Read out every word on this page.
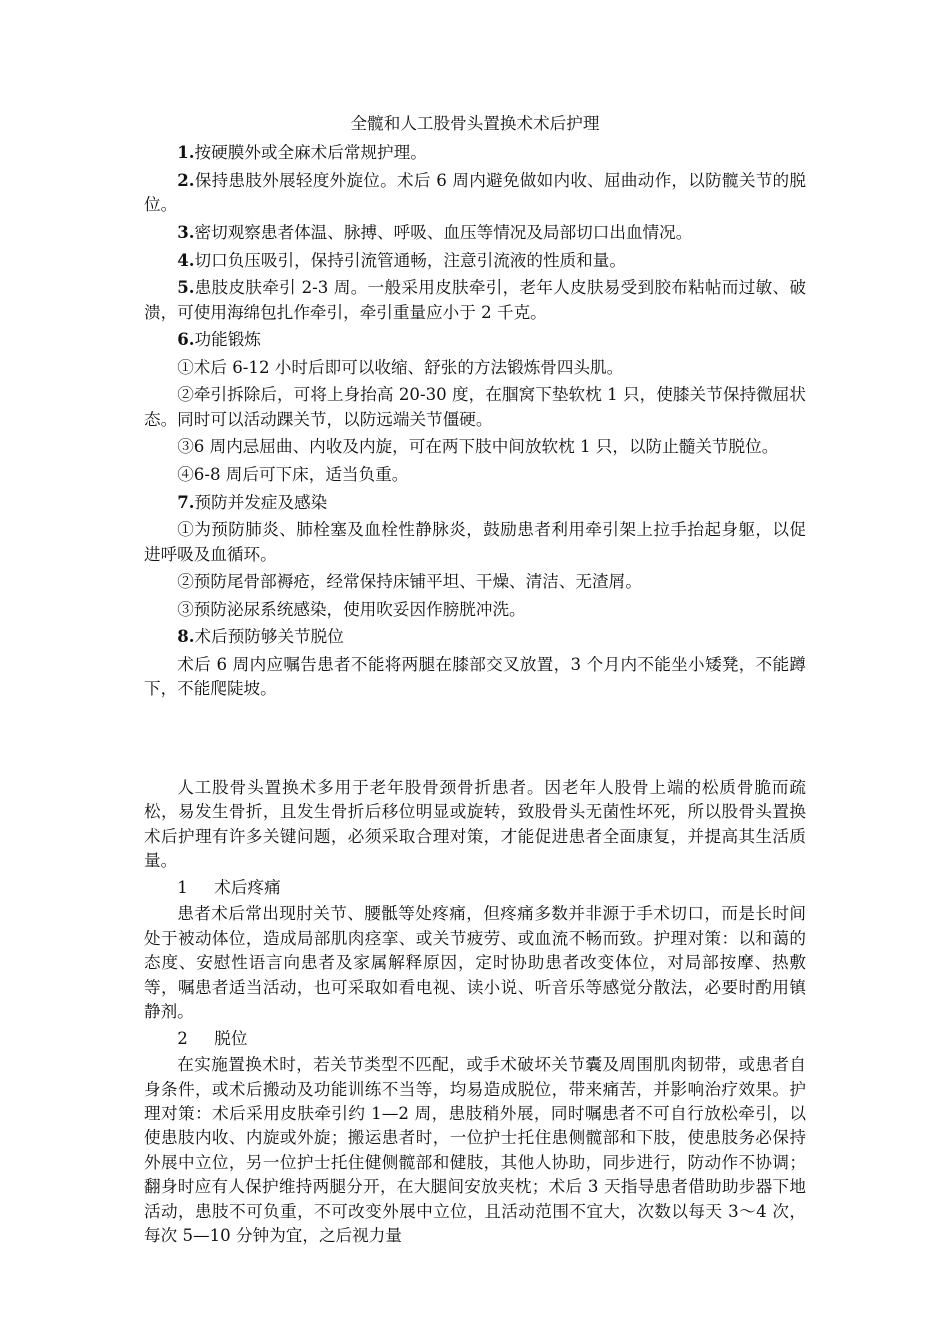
全髋和人工股骨头置换术术后护理

1.按硬膜外或全麻术后常规护理。

2.保持患肢外展轻度外旋位。术后 6 周内避免做如内收、屈曲动作，以防髋关节的脱位。

3.密切观察患者体温、脉搏、呼吸、血压等情况及局部切口出血情况。

4.切口负压吸引，保持引流管通畅，注意引流液的性质和量。

5.患肢皮肤牵引 2-3 周。一般采用皮肤牵引，老年人皮肤易受到胶布粘帖而过敏、破溃，可使用海绵包扎作牵引，牵引重量应小于 2 千克。

6.功能锻炼

①术后 6-12 小时后即可以收缩、舒张的方法锻炼骨四头肌。

②牵引拆除后，可将上身抬高 20-30 度，在腘窝下垫软枕 1 只，使膝关节保持微屈状态。同时可以活动踝关节，以防远端关节僵硬。

③6 周内忌屈曲、内收及内旋，可在两下肢中间放软枕 1 只，以防止髓关节脱位。

④6-8 周后可下床，适当负重。

7.预防并发症及感染

①为预防肺炎、肺栓塞及血栓性静脉炎，鼓励患者利用牵引架上拉手抬起身躯，以促进呼吸及血循环。

②预防尾骨部褥疮，经常保持床铺平坦、干燥、清洁、无渣屑。

③预防泌尿系统感染，使用吹妥因作膀胱冲洗。

8.术后预防够关节脱位

术后 6 周内应嘱告患者不能将两腿在膝部交叉放置，3 个月内不能坐小矮凳，不能蹲下，不能爬陡坡。

人工股骨头置换术多用于老年股骨颈骨折患者。因老年人股骨上端的松质骨脆而疏松，易发生骨折，且发生骨折后移位明显或旋转，致股骨头无菌性坏死，所以股骨头置换术后护理有许多关键问题，必须采取合理对策，才能促进患者全面康复，并提高其生活质量。

1 术后疼痛

患者术后常出现肘关节、腰骶等处疼痛，但疼痛多数并非源于手术切口，而是长时间处于被动体位，造成局部肌肉痉挛、或关节疲劳、或血流不畅而致。护理对策：以和蔼的态度、安慰性语言向患者及家属解释原因，定时协助患者改变体位，对局部按摩、热敷等，嘱患者适当活动，也可采取如看电视、读小说、听音乐等感觉分散法，必要时酌用镇静剂。

2 脱位

在实施置换术时，若关节类型不匹配，或手术破坏关节囊及周围肌肉韧带，或患者自身条件，或术后搬动及功能训练不当等，均易造成脱位，带来痛苦，并影响治疗效果。护理对策：术后采用皮肤牵引约 1—2 周，患肢稍外展，同时嘱患者不可自行放松牵引，以使患肢内收、内旋或外旋；搬运患者时，一位护士托住患侧髋部和下肢，使患肢务必保持外展中立位，另一位护士托住健侧髋部和健肢，其他人协助，同步进行，防动作不协调；翻身时应有人保护维持两腿分开，在大腿间安放夹枕；术后 3 天指导患者借助助步器下地活动，患肢不可负重，不可改变外展中立位，且活动范围不宜大，次数以每天 3～4 次，每次 5—10 分钟为宜，之后视力量
